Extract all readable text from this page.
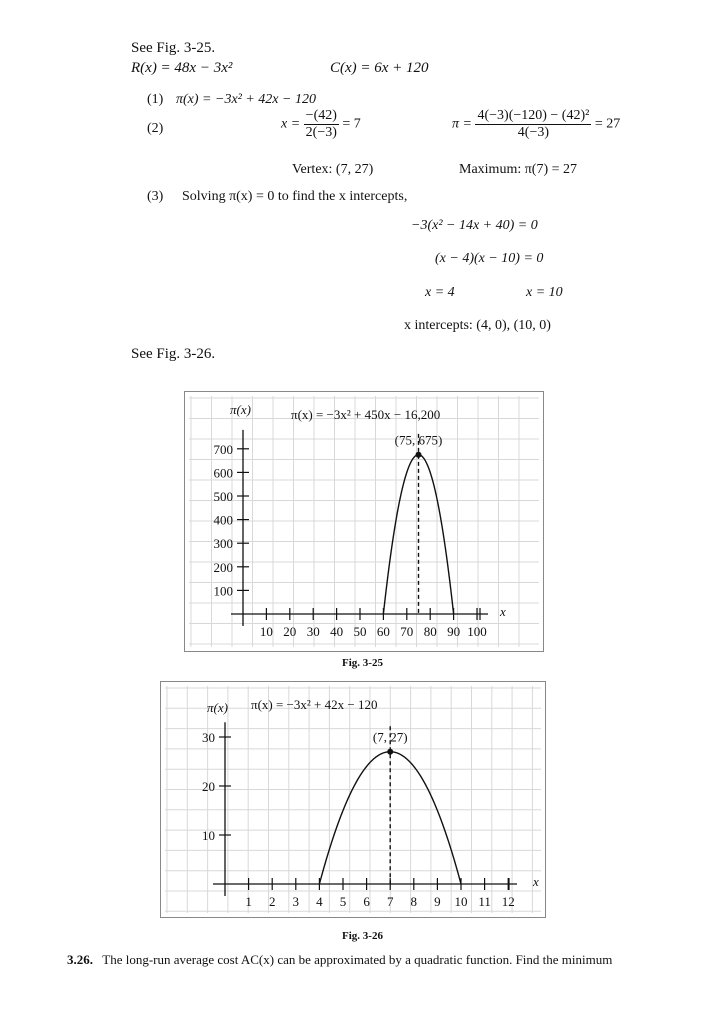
See Fig. 3-25.
R(x) = 48x − 3x²	C(x) = 6x + 120
(1) π(x) = −3x² + 42x − 120
(2)	$x = \frac{-(42)}{2(-3)} = 7$	$\pi = \frac{\text{4(−3)(−120) − (42)²}}{4(-3)} = 27$
Vertex: (7, 27)	Maximum: π(7) = 27
(3) Solving π(x) = 0 to find the x intercepts,
−3(x² − 14x + 40) = 0
(x − 4)(x − 10) = 0
x = 4	x = 10
x intercepts: (4, 0), (10, 0)
See Fig. 3-26.
10 20 30 40 50 60 70 80 90 100
100
200
300
400
500
600
700
x
π(x)	π(x) = −3x² + 450x − 16,200
(75, 675)
Fig. 3-25
1 2 3 4 5 6 7 8 9 10 11 12
10
20
30
x
π(x) π(x) = −3x² + 42x − 120
(7, 27)
Fig. 3-26
3.26. The long-run average cost AC(x) can be approximated by a quadratic function. Find the minimum
